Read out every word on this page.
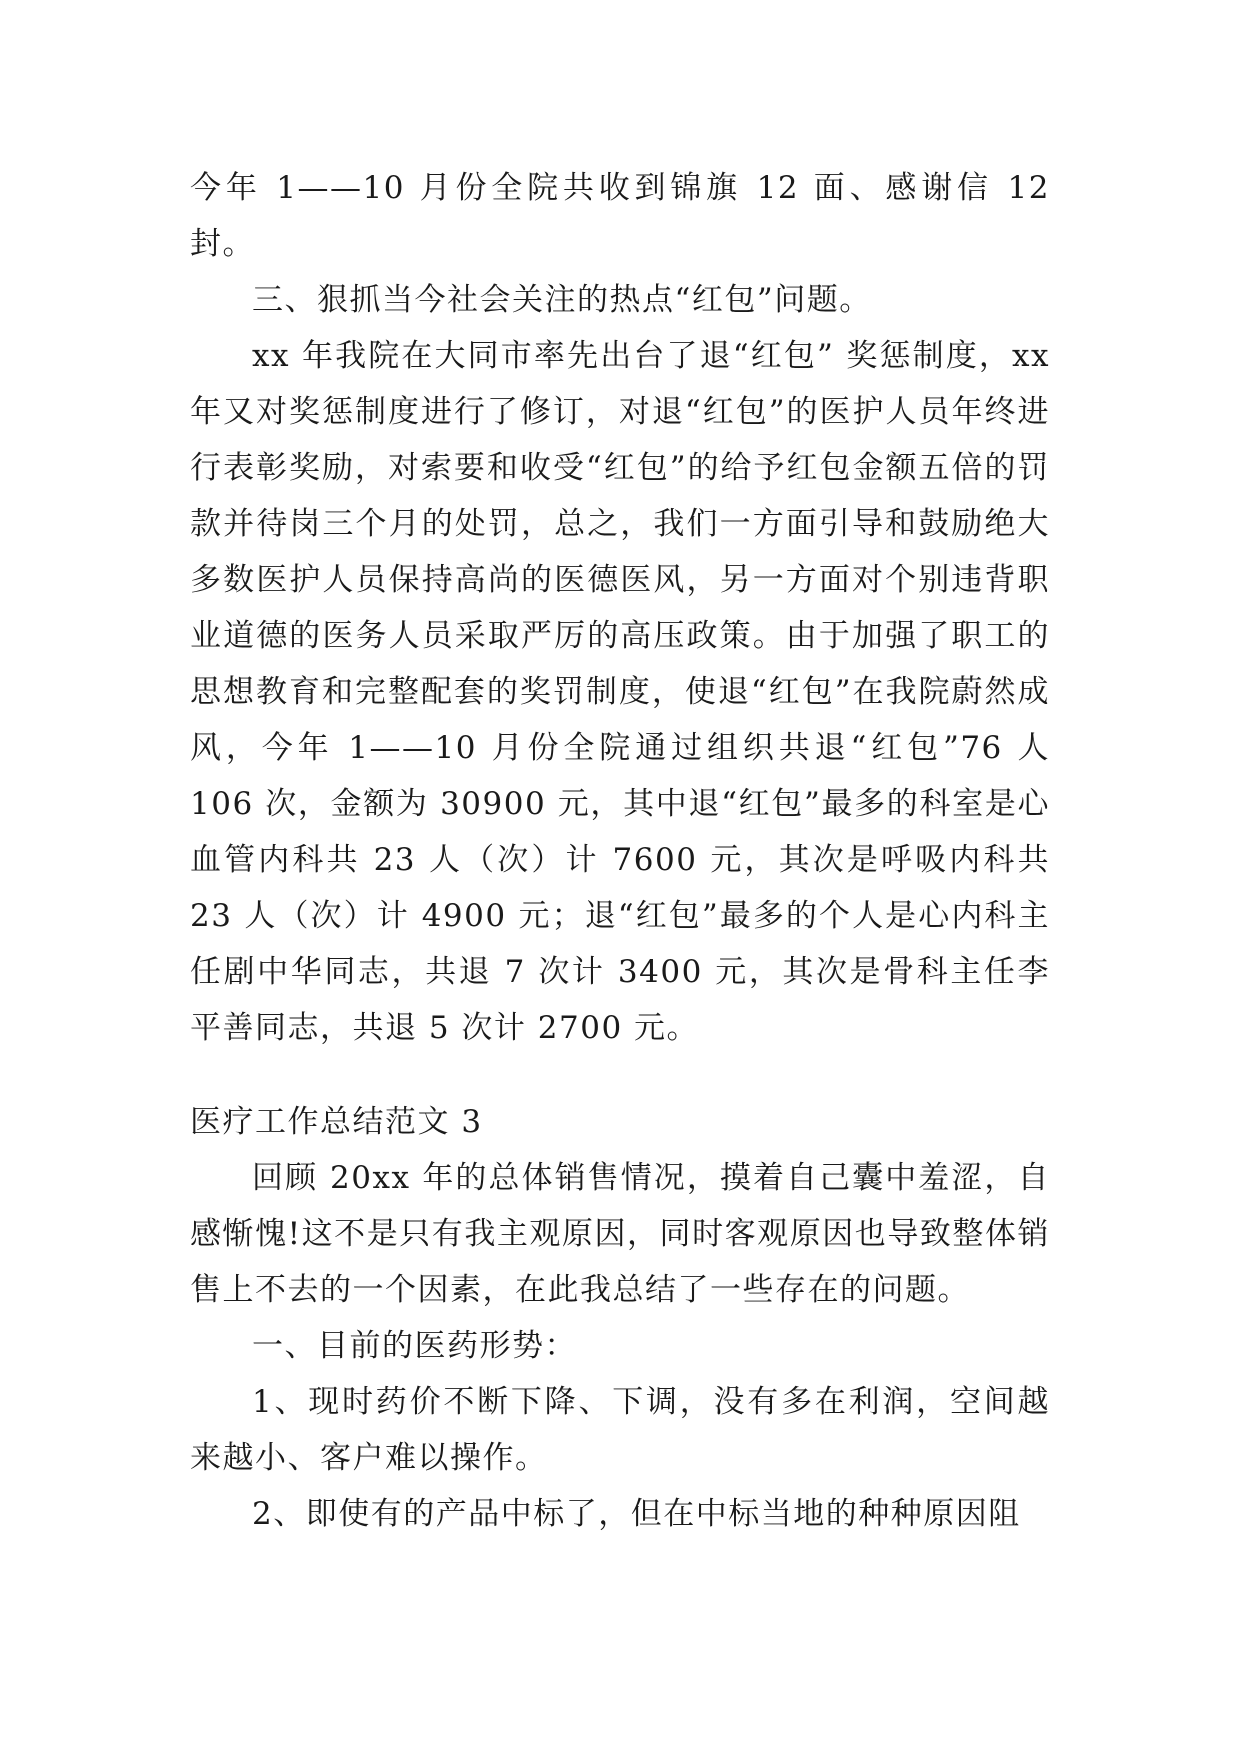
今年 1——10 月份全院共收到锦旗 12 面、感谢信 12 封。

三、狠抓当今社会关注的热点“红包”问题。

xx 年我院在大同市率先出台了退“红包” 奖惩制度，xx 年又对奖惩制度进行了修订，对退“红包”的医护人员年终进行表彰奖励，对索要和收受“红包”的给予红包金额五倍的罚款并待岗三个月的处罚，总之，我们一方面引导和鼓励绝大多数医护人员保持高尚的医德医风，另一方面对个别违背职业道德的医务人员采取严厉的高压政策。由于加强了职工的思想教育和完整配套的奖罚制度，使退“红包”在我院蔚然成风，今年 1——10 月份全院通过组织共退“红包”76 人 106 次，金额为 30900 元，其中退“红包”最多的科室是心血管内科共 23 人（次）计 7600 元，其次是呼吸内科共 23 人（次）计 4900 元；退“红包”最多的个人是心内科主任剧中华同志，共退 7 次计 3400 元，其次是骨科主任李平善同志，共退 5 次计 2700 元。

医疗工作总结范文 3

回顾 20xx 年的总体销售情况，摸着自己囊中羞涩，自感惭愧!这不是只有我主观原因，同时客观原因也导致整体销售上不去的一个因素，在此我总结了一些存在的问题。

一、目前的医药形势：

1、现时药价不断下降、下调，没有多在利润，空间越来越小、客户难以操作。

2、即使有的产品中标了，但在中标当地的种种原因阻
